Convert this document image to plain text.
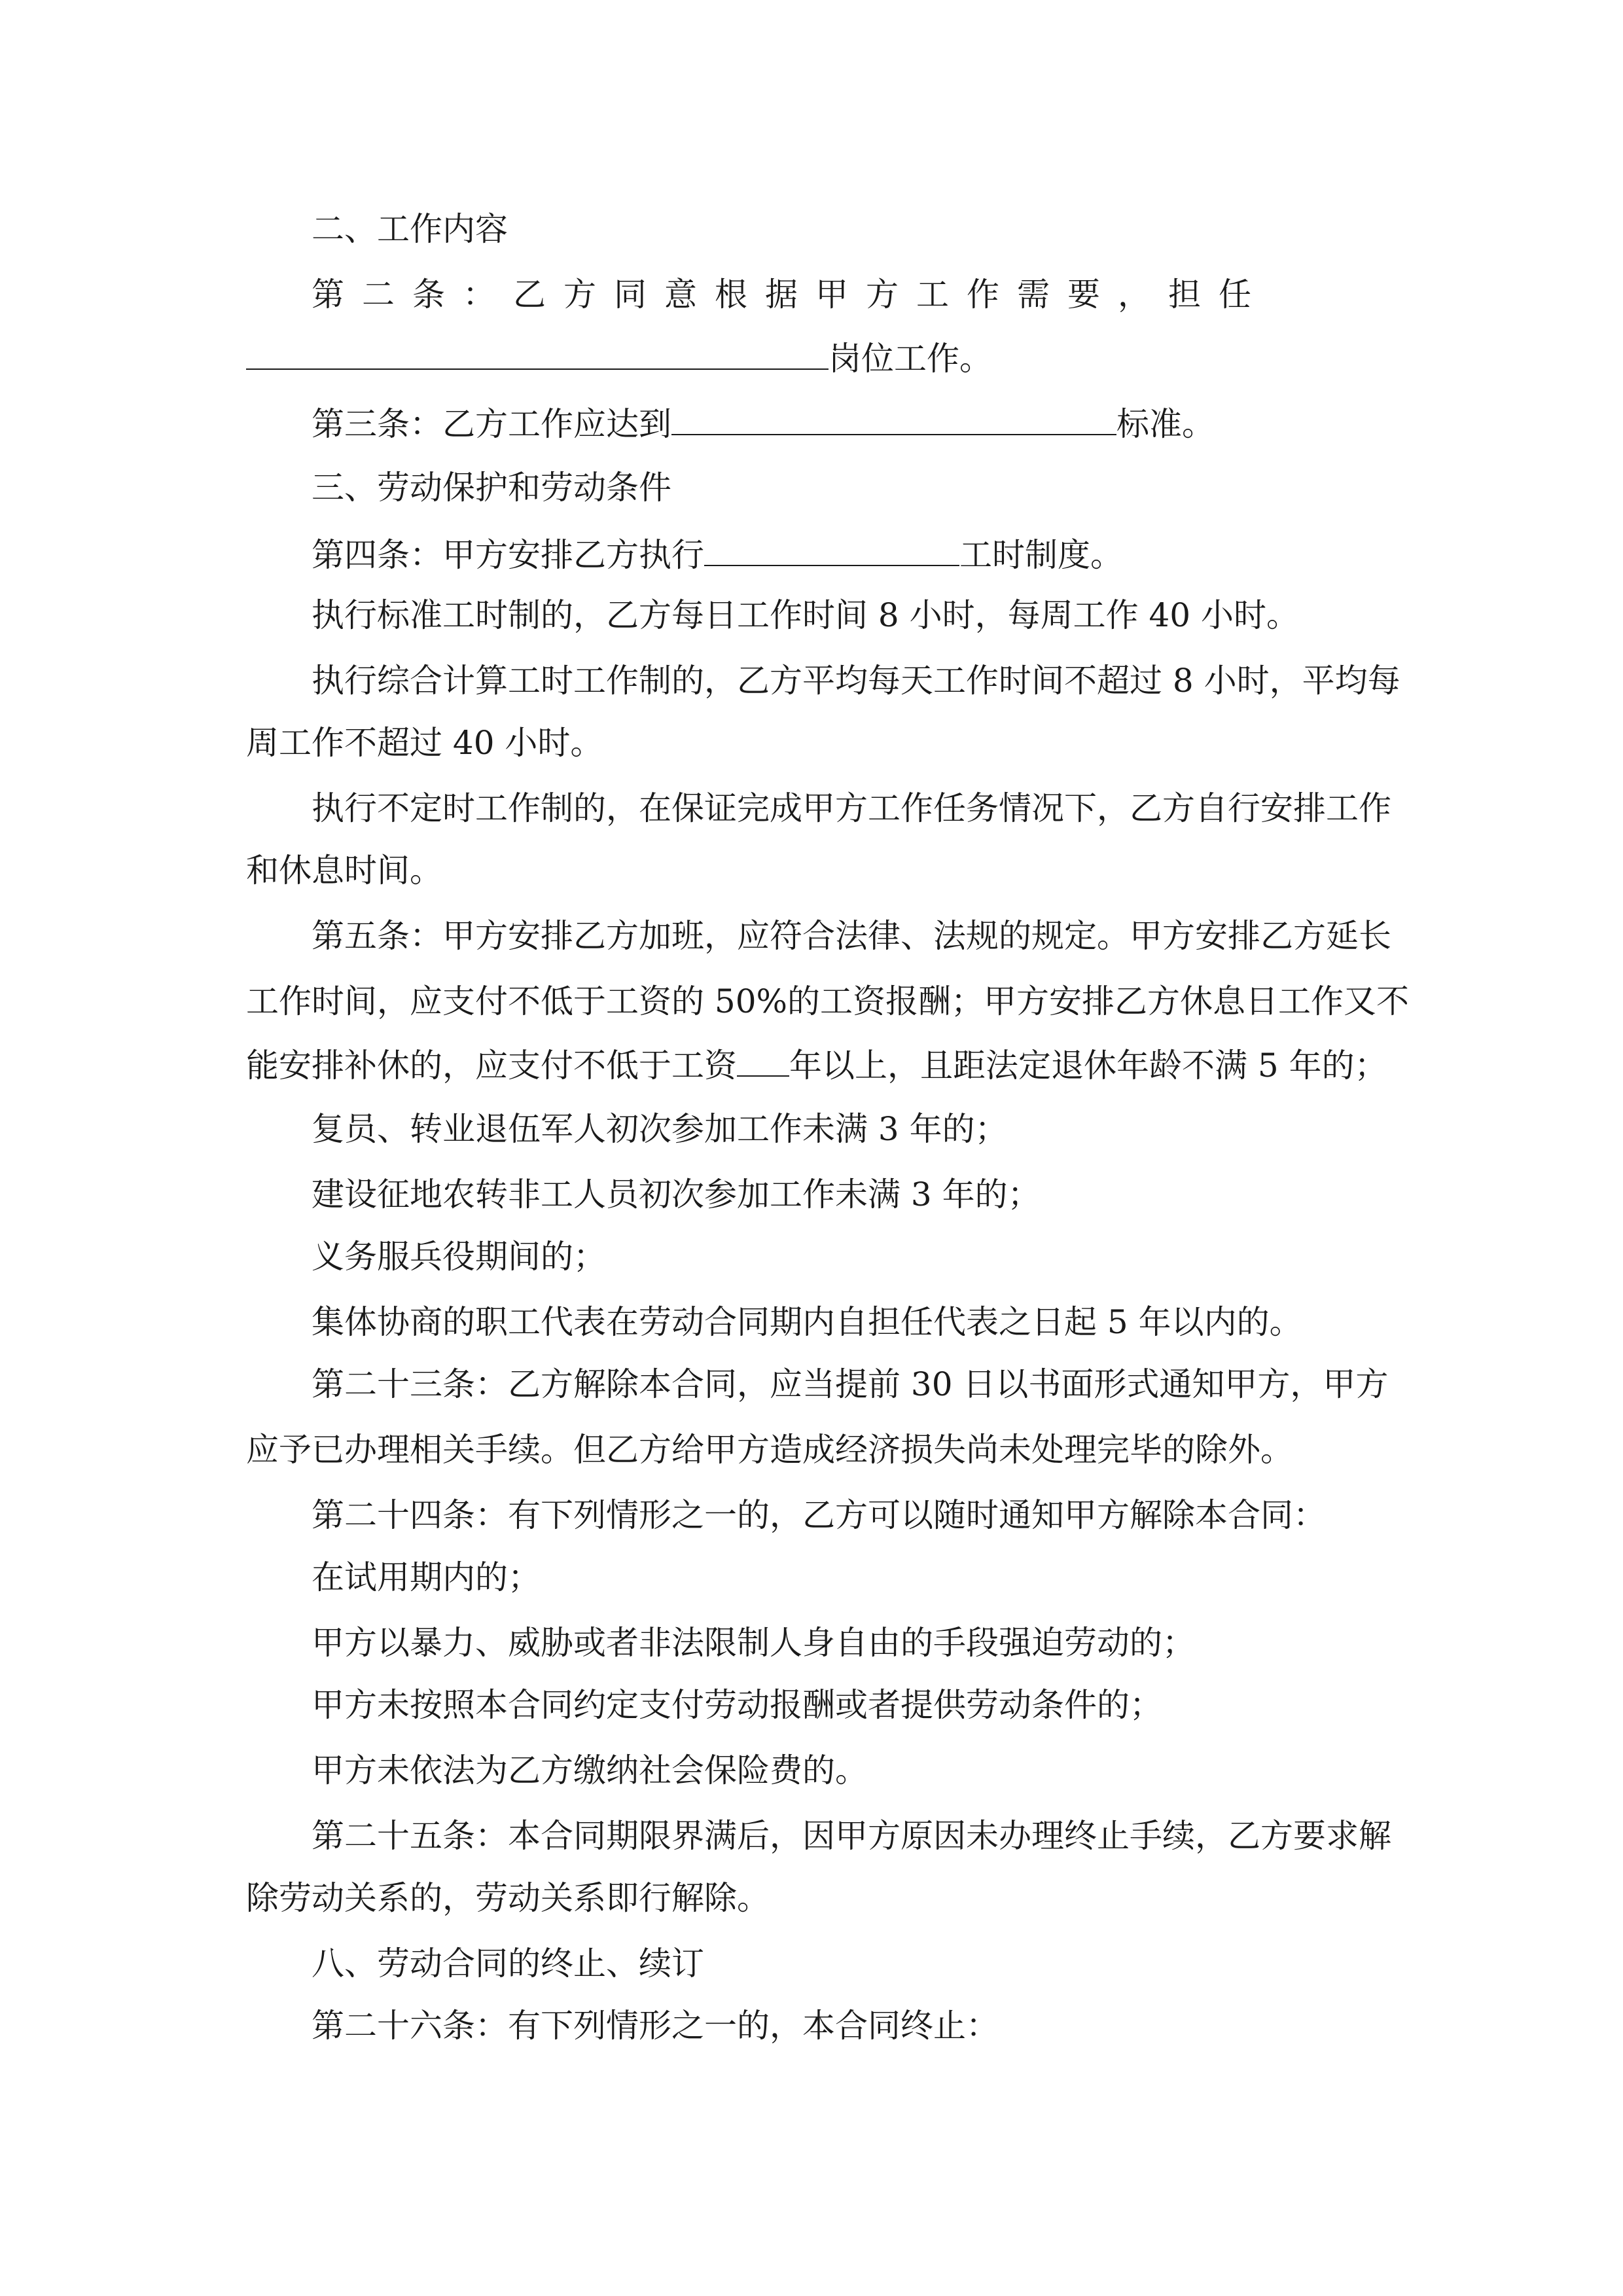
二、工作内容
第二条：乙方同意根据甲方工作需要，担任
岗位工作。
第三条：乙方工作应达到	标准。
三、劳动保护和劳动条件
第四条：甲方安排乙方执行	工时制度。
执行标准工时制的，乙方每日工作时间 8 小时，每周工作 40 小时。
执行综合计算工时工作制的，乙方平均每天工作时间不超过 8 小时，平均每
周工作不超过 40 小时。
执行不定时工作制的，在保证完成甲方工作任务情况下，乙方自行安排工作
和休息时间。
第五条：甲方安排乙方加班，应符合法律、法规的规定。甲方安排乙方延长
工作时间，应支付不低于工资的 50%的工资报酬；甲方安排乙方休息日工作又不
能安排补休的，应支付不低于工资 年以上，且距法定退休年龄不满 5 年的；
复员、转业退伍军人初次参加工作未满 3 年的；
建设征地农转非工人员初次参加工作未满 3 年的；
义务服兵役期间的；
集体协商的职工代表在劳动合同期内自担任代表之日起 5 年以内的。
第二十三条：乙方解除本合同，应当提前 30 日以书面形式通知甲方，甲方
应予已办理相关手续。但乙方给甲方造成经济损失尚未处理完毕的除外。
第二十四条：有下列情形之一的，乙方可以随时通知甲方解除本合同：
在试用期内的；
甲方以暴力、威胁或者非法限制人身自由的手段强迫劳动的；
甲方未按照本合同约定支付劳动报酬或者提供劳动条件的；
甲方未依法为乙方缴纳社会保险费的。
第二十五条：本合同期限界满后，因甲方原因未办理终止手续，乙方要求解
除劳动关系的，劳动关系即行解除。
八、劳动合同的终止、续订
第二十六条：有下列情形之一的，本合同终止：
